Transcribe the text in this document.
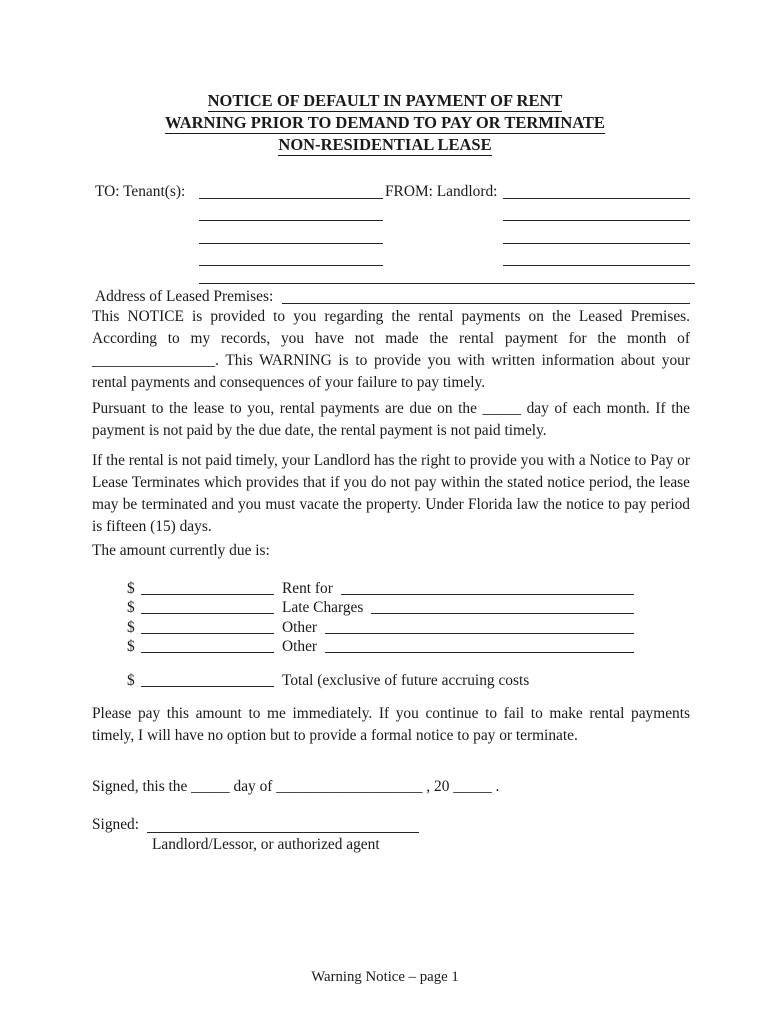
NOTICE OF DEFAULT IN PAYMENT OF RENT
WARNING PRIOR TO DEMAND TO PAY OR TERMINATE
NON-RESIDENTIAL LEASE
TO: Tenant(s):	FROM: Landlord:
Address of Leased Premises:

This NOTICE is provided to you regarding the rental payments on the Leased Premises. According to my records, you have not made the rental payment for the month of ________________. This WARNING is to provide you with written information about your rental payments and consequences of your failure to pay timely.

Pursuant to the lease to you, rental payments are due on the _____ day of each month. If the payment is not paid by the due date, the rental payment is not paid timely.

If the rental is not paid timely, your Landlord has the right to provide you with a Notice to Pay or Lease Terminates which provides that if you do not pay within the stated notice period, the lease may be terminated and you must vacate the property. Under Florida law the notice to pay period is fifteen (15) days.

The amount currently due is:
$	Rent for
$	Late Charges
$	Other
$	Other
$	Total (exclusive of future accruing costs

Please pay this amount to me immediately. If you continue to fail to make rental payments timely, I will have no option but to provide a formal notice to pay or terminate.

Signed, this the _____ day of ___________________ , 20 _____ .
Signed:
Landlord/Lessor, or authorized agent
Warning Notice – page 1
